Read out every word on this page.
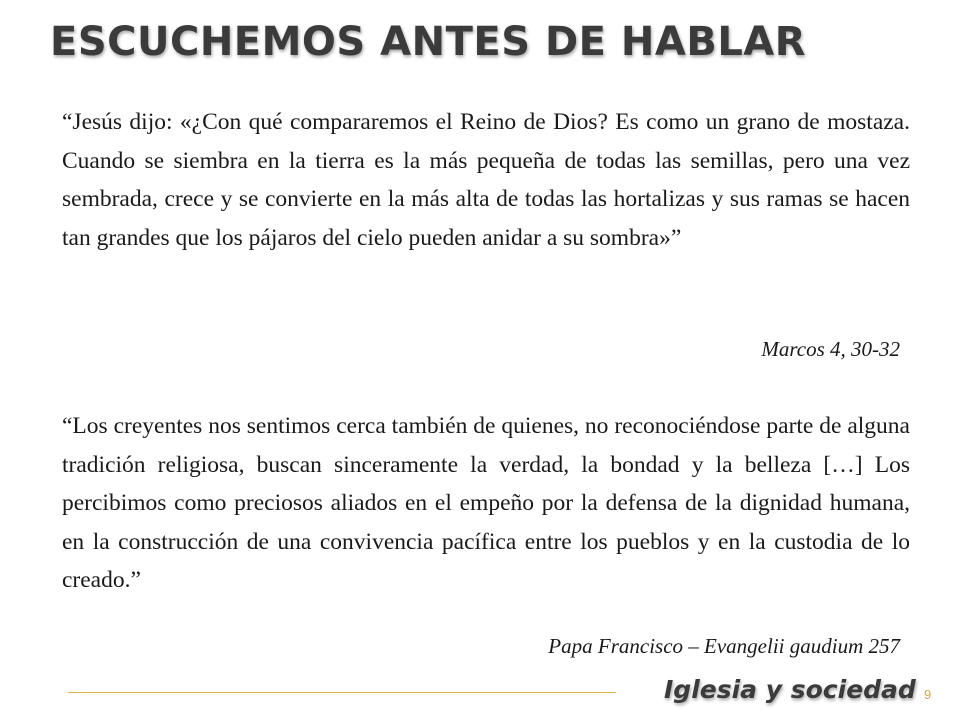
ESCUCHEMOS ANTES DE HABLAR

“Jesús dijo: «¿Con qué compararemos el Reino de Dios? Es como un grano de mostaza. Cuando se siembra en la tierra es la más pequeña de todas las semillas, pero una vez sembrada, crece y se convierte en la más alta de todas las hortalizas y sus ramas se hacen tan grandes que los pájaros del cielo pueden anidar a su sombra»”

Marcos 4, 30-32

“Los creyentes nos sentimos cerca también de quienes, no reconociéndose parte de alguna tradición religiosa, buscan sinceramente la verdad, la bondad y la belleza […] Los percibimos como preciosos aliados en el empeño por la defensa de la dignidad humana, en la construcción de una convivencia pacífica entre los pueblos y en la custodia de lo creado.”

Papa Francisco – Evangelii gaudium 257

Iglesia y sociedad 9
